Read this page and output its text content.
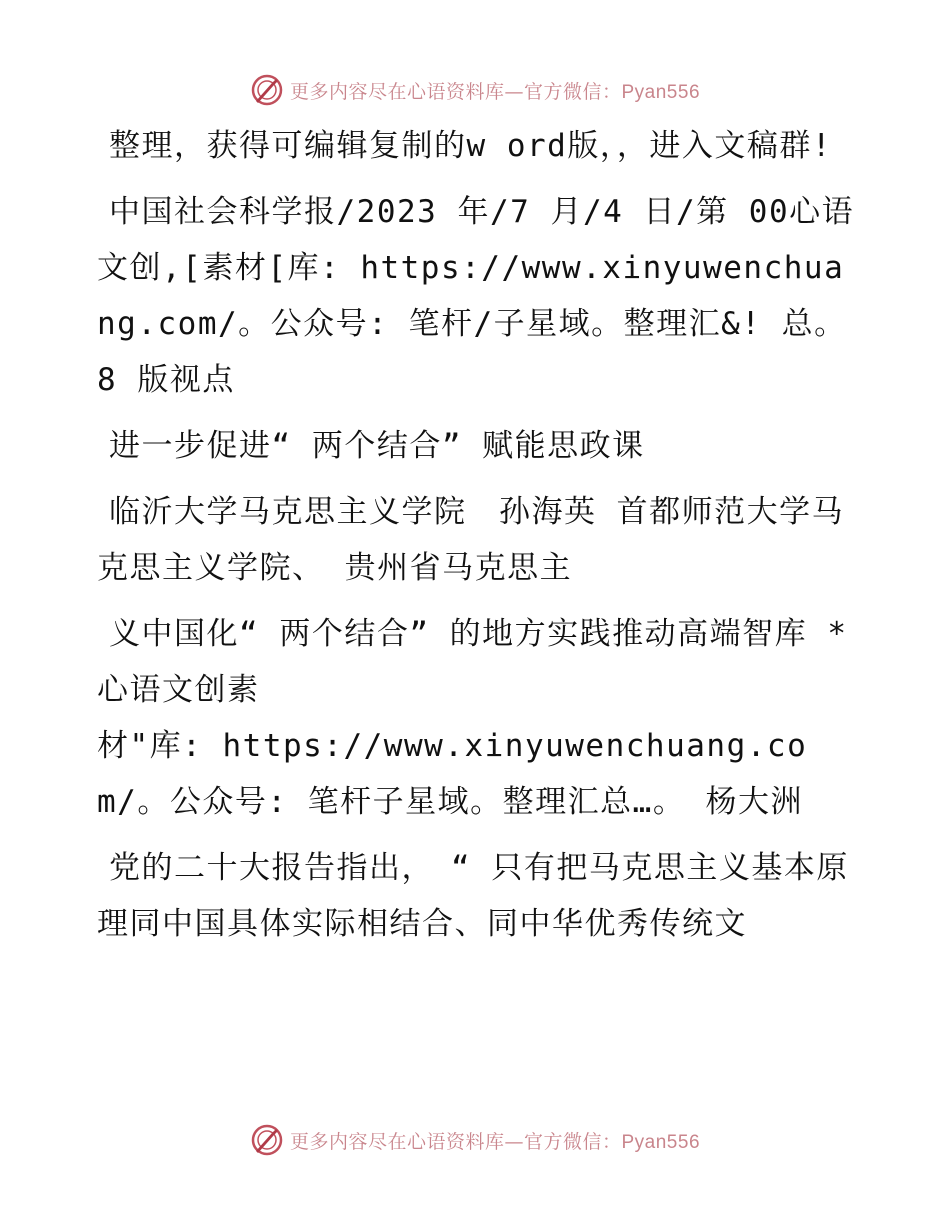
更多内容尽在心语资料库—官方微信：Pyan556

整理，获得可编辑复制的w ord版，，进入文稿群!

中国社会科学报/2023 年/7 月/4 日/第 00心语文创,[素材[库: https://www.xinyuwenchuang.com/。公众号: 笔杆/子星域。整理汇&! 总。8 版视点

进一步促进“ 两个结合” 赋能思政课

临沂大学马克思主义学院　孙海英 首都师范大学马克思主义学院、 贵州省马克思主

义中国化“ 两个结合” 的地方实践推动高端智库 *心语文创素

材"库: https://www.xinyuwenchuang.com/。公众号: 笔杆子星域。整理汇总…。 杨大洲

党的二十大报告指出，　“ 只有把马克思主义基本原理同中国具体实际相结合、同中华优秀传统文

更多内容尽在心语资料库—官方微信：Pyan556
